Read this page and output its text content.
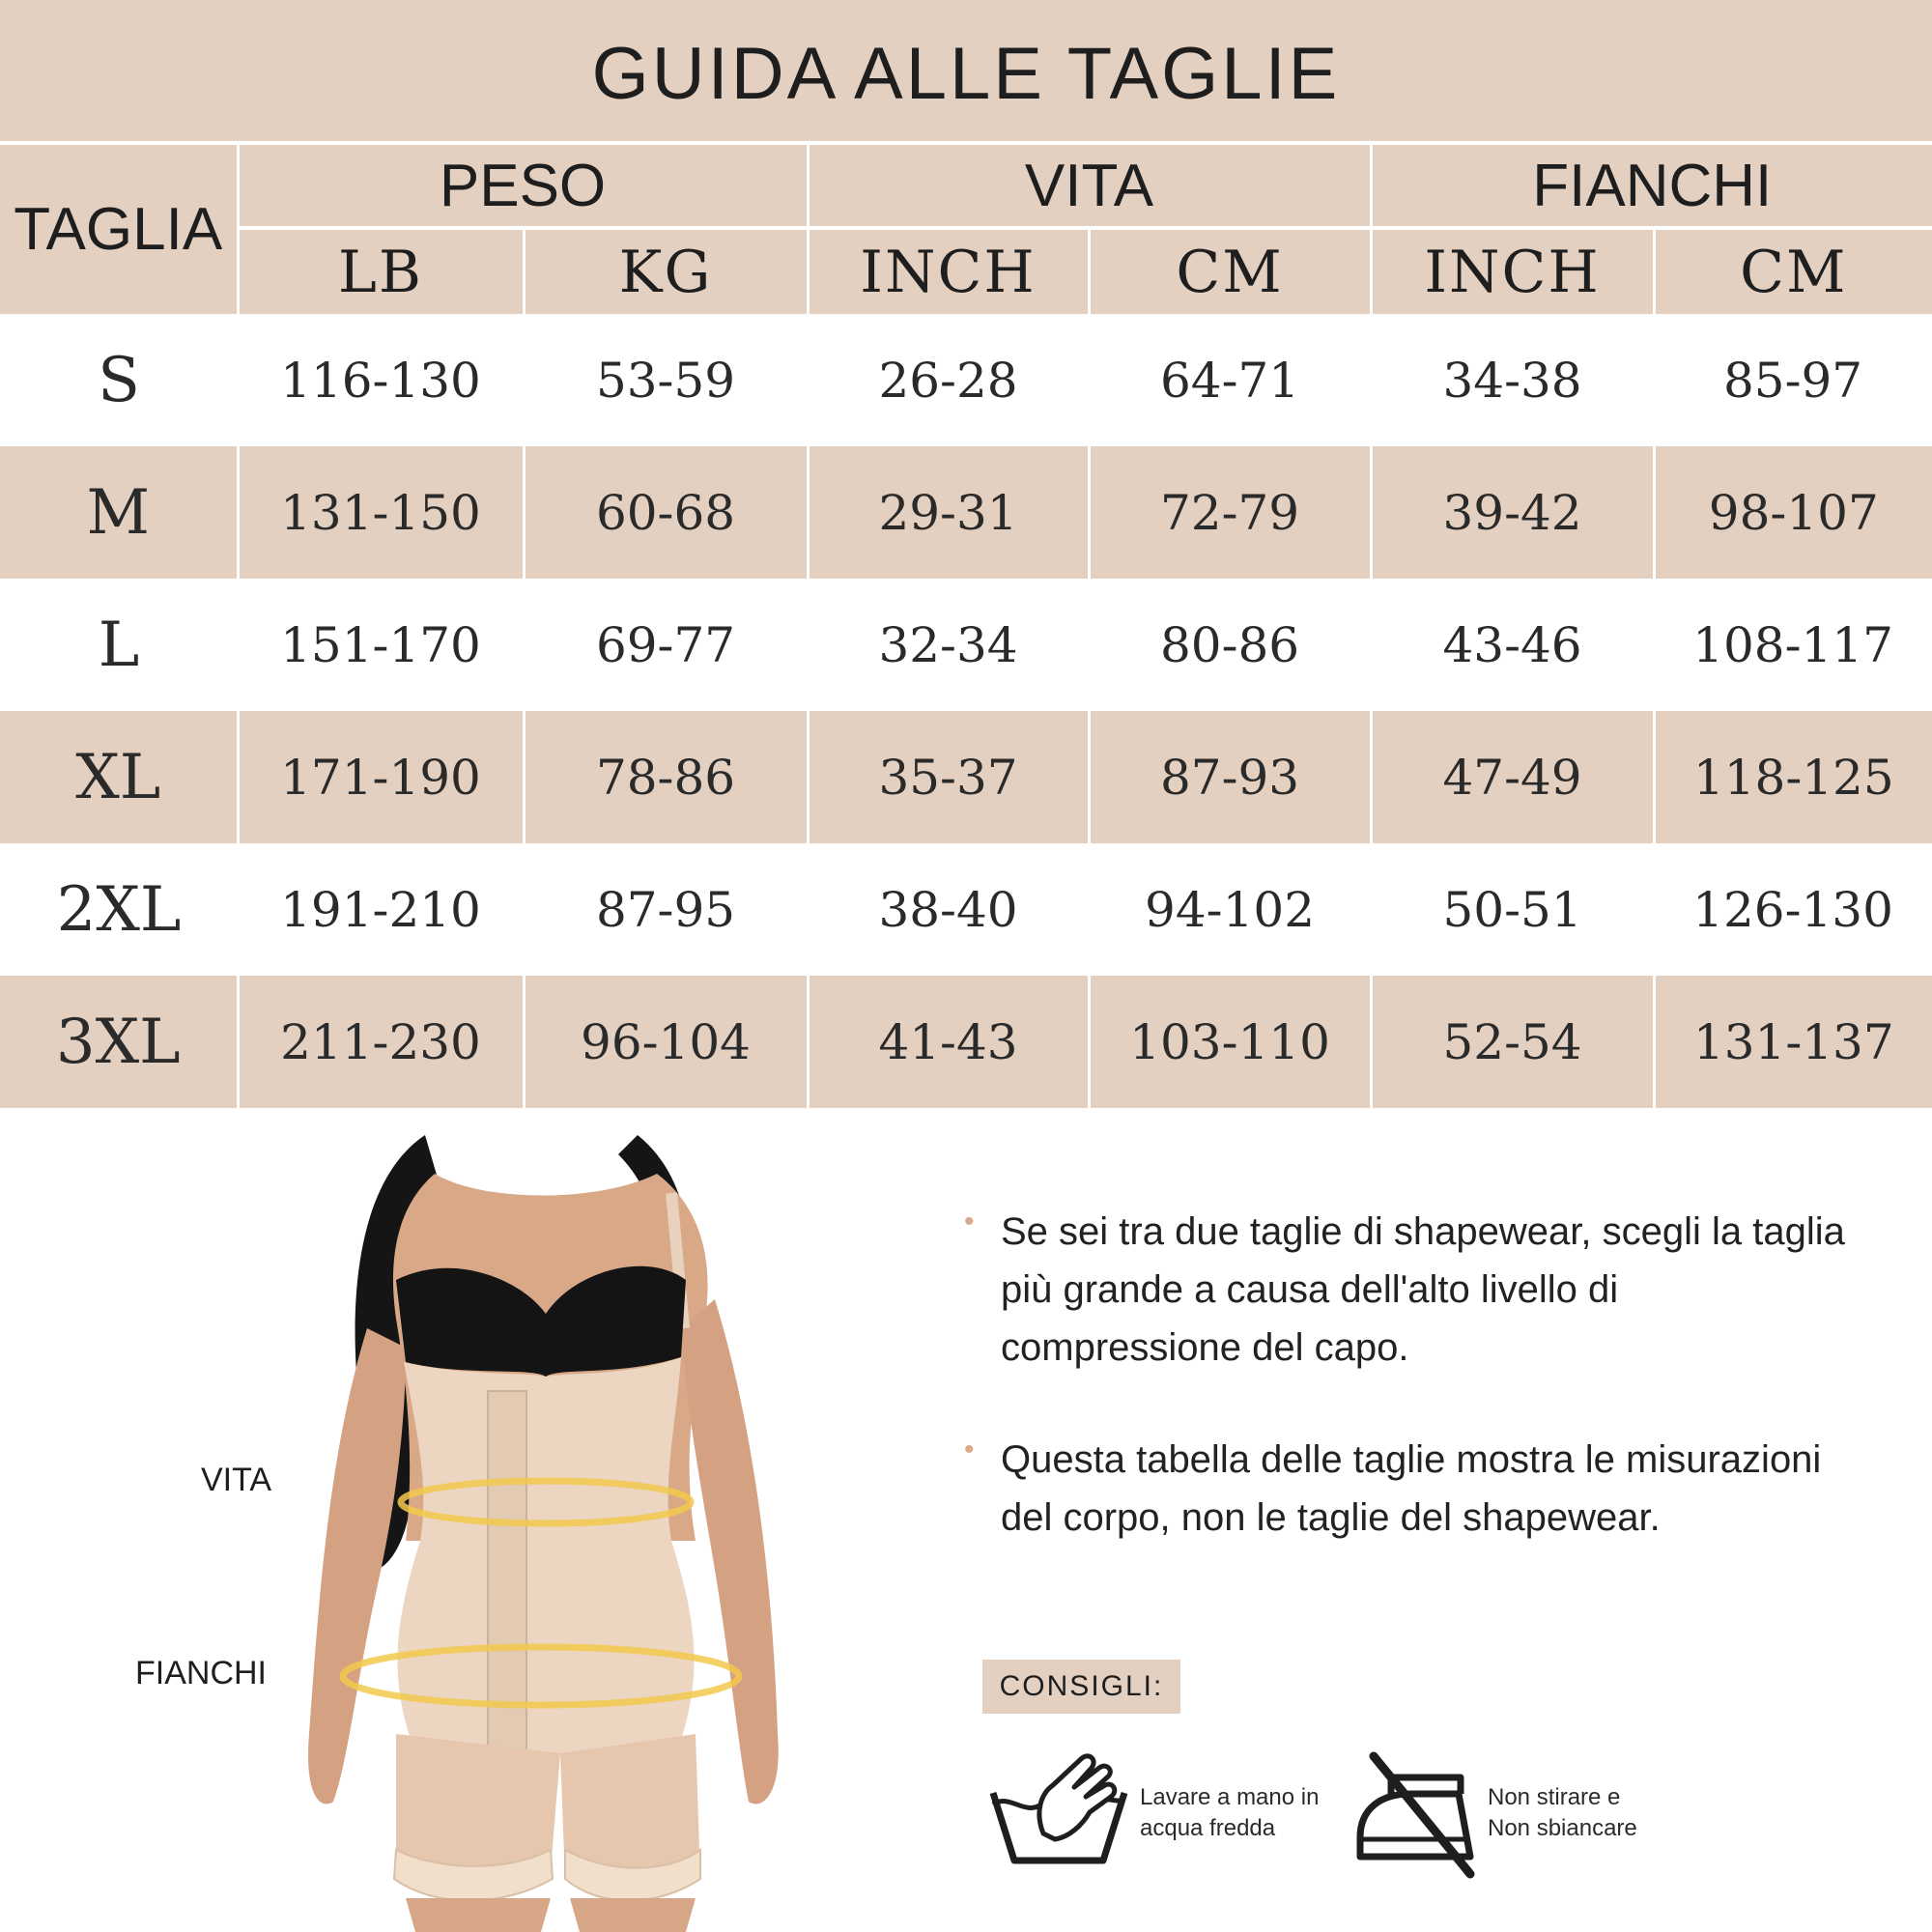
GUIDA ALLE TAGLIE
TAGLIA	PESO		VITA		FIANCHI	
	LB	KG	INCH	CM	INCH	CM
S	116-130	53-59	26-28	64-71	34-38	85-97
M	131-150	60-68	29-31	72-79	39-42	98-107
L	151-170	69-77	32-34	80-86	43-46	108-117
XL	171-190	78-86	35-37	87-93	47-49	118-125
2XL	191-210	87-95	38-40	94-102	50-51	126-130
3XL	211-230	96-104	41-43	103-110	52-54	131-137
VITA
FIANCHI
• Se sei tra due taglie di shapewear, scegli la taglia più grande a causa dell'alto livello di compressione del capo.
• Questa tabella delle taglie mostra le misurazioni del corpo, non le taglie del shapewear.
CONSIGLI:
Lavare a mano in
acqua fredda
Non stirare e
Non sbiancare
